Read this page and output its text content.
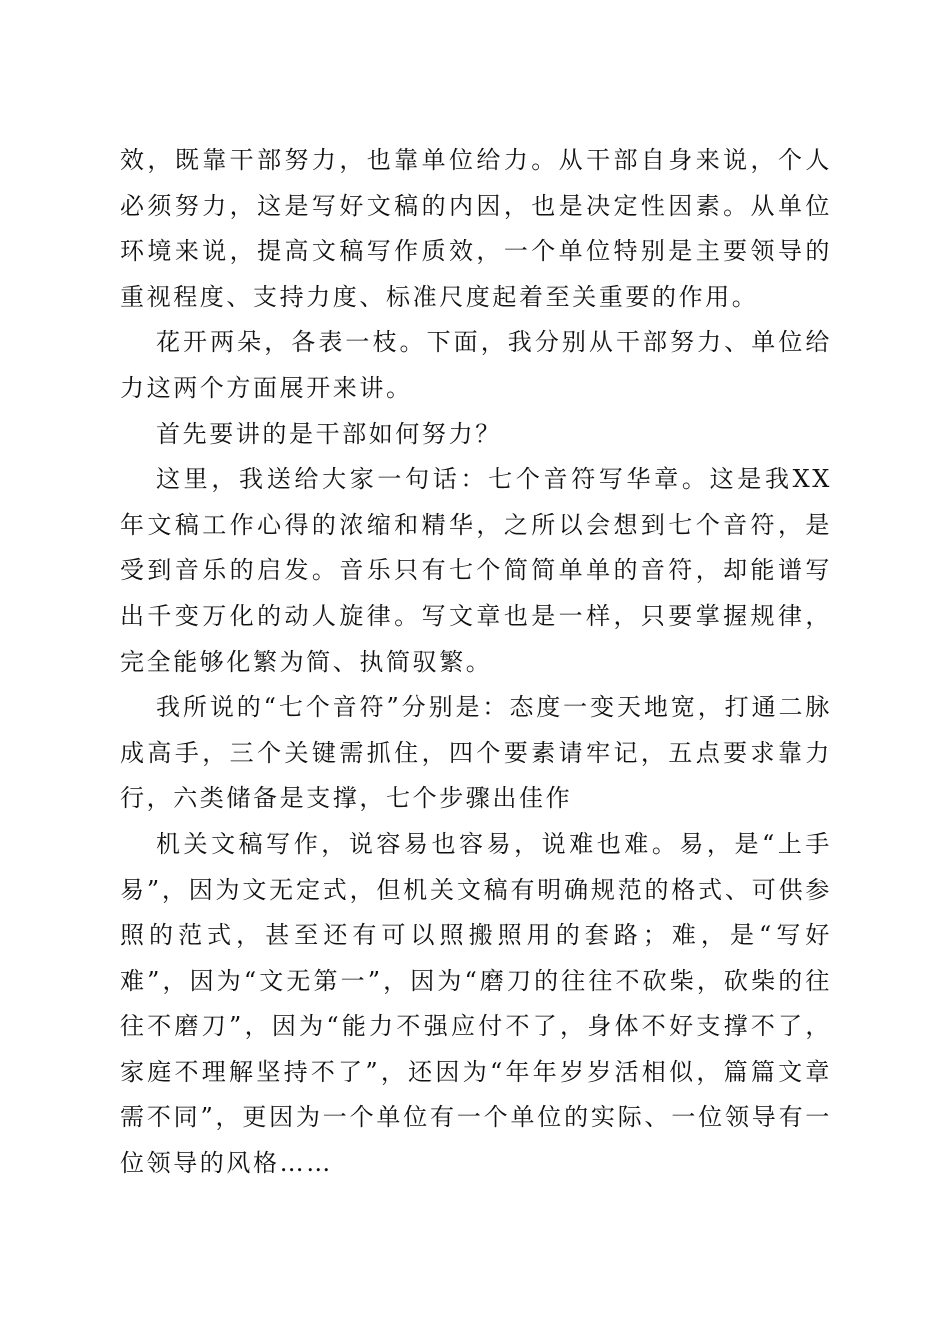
效，既靠干部努力，也靠单位给力。从干部自身来说，个人必须努力，这是写好文稿的内因，也是决定性因素。从单位环境来说，提高文稿写作质效，一个单位特别是主要领导的重视程度、支持力度、标准尺度起着至关重要的作用。

花开两朵，各表一枝。下面，我分别从干部努力、单位给力这两个方面展开来讲。

首先要讲的是干部如何努力？

这里，我送给大家一句话：七个音符写华章。这是我XX年文稿工作心得的浓缩和精华，之所以会想到七个音符，是受到音乐的启发。音乐只有七个简简单单的音符，却能谱写出千变万化的动人旋律。写文章也是一样，只要掌握规律，完全能够化繁为简、执简驭繁。

我所说的“七个音符”分别是：态度一变天地宽，打通二脉成高手，三个关键需抓住，四个要素请牢记，五点要求靠力行，六类储备是支撑，七个步骤出佳作

机关文稿写作，说容易也容易，说难也难。易，是“上手易”，因为文无定式，但机关文稿有明确规范的格式、可供参照的范式，甚至还有可以照搬照用的套路；难，是“写好难”，因为“文无第一”，因为“磨刀的往往不砍柴，砍柴的往往不磨刀”，因为“能力不强应付不了，身体不好支撑不了，家庭不理解坚持不了”，还因为“年年岁岁活相似，篇篇文章需不同”，更因为一个单位有一个单位的实际、一位领导有一位领导的风格……
